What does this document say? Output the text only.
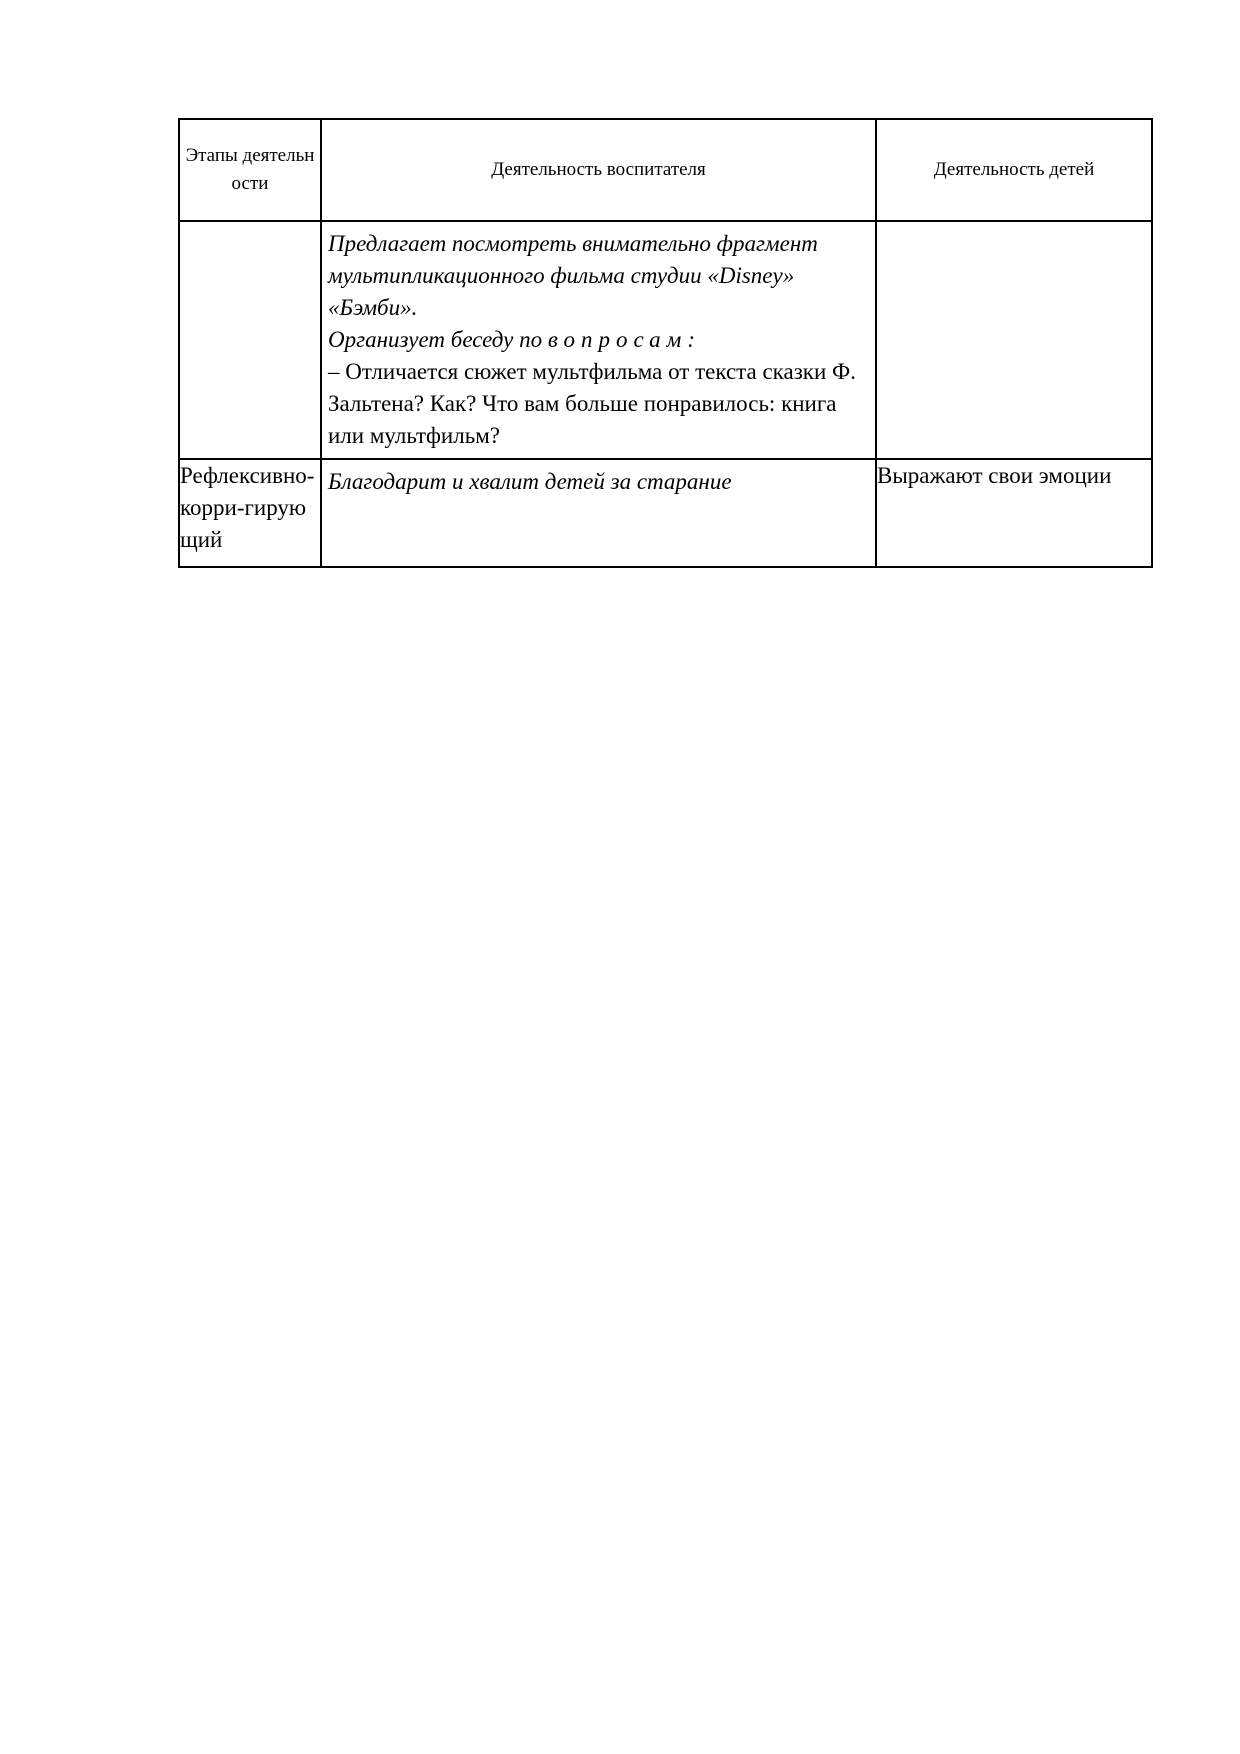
Этапы деятельности	Деятельность воспитателя	Деятельность детей

	Предлагает посмотреть внимательно фрагмент мультипликационного фильма студии «Disney» «Бэмби».
Организует беседу по вопросам:
– Отличается сюжет мультфильма от текста сказки Ф. Зальтена? Как? Что вам больше понравилось: книга или мультфильм?	

Рефлексивно-корри-гирующий	Благодарит и хвалит детей за старание	Выражают свои эмоции
